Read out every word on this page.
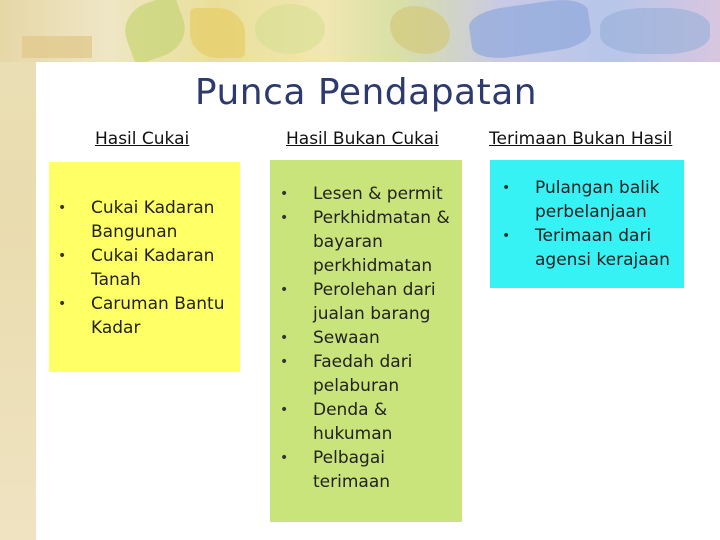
Punca Pendapatan
Hasil Cukai	Hasil Bukan Cukai	Terimaan Bukan Hasil
• Cukai Kadaran Bangunan
• Cukai Kadaran Tanah
• Caruman Bantu Kadar
• Lesen & permit
• Perkhidmatan & bayaran perkhidmatan
• Perolehan dari jualan barang
• Sewaan
• Faedah dari pelaburan
• Denda & hukuman
• Pelbagai terimaan
• Pulangan balik perbelanjaan
• Terimaan dari agensi kerajaan
